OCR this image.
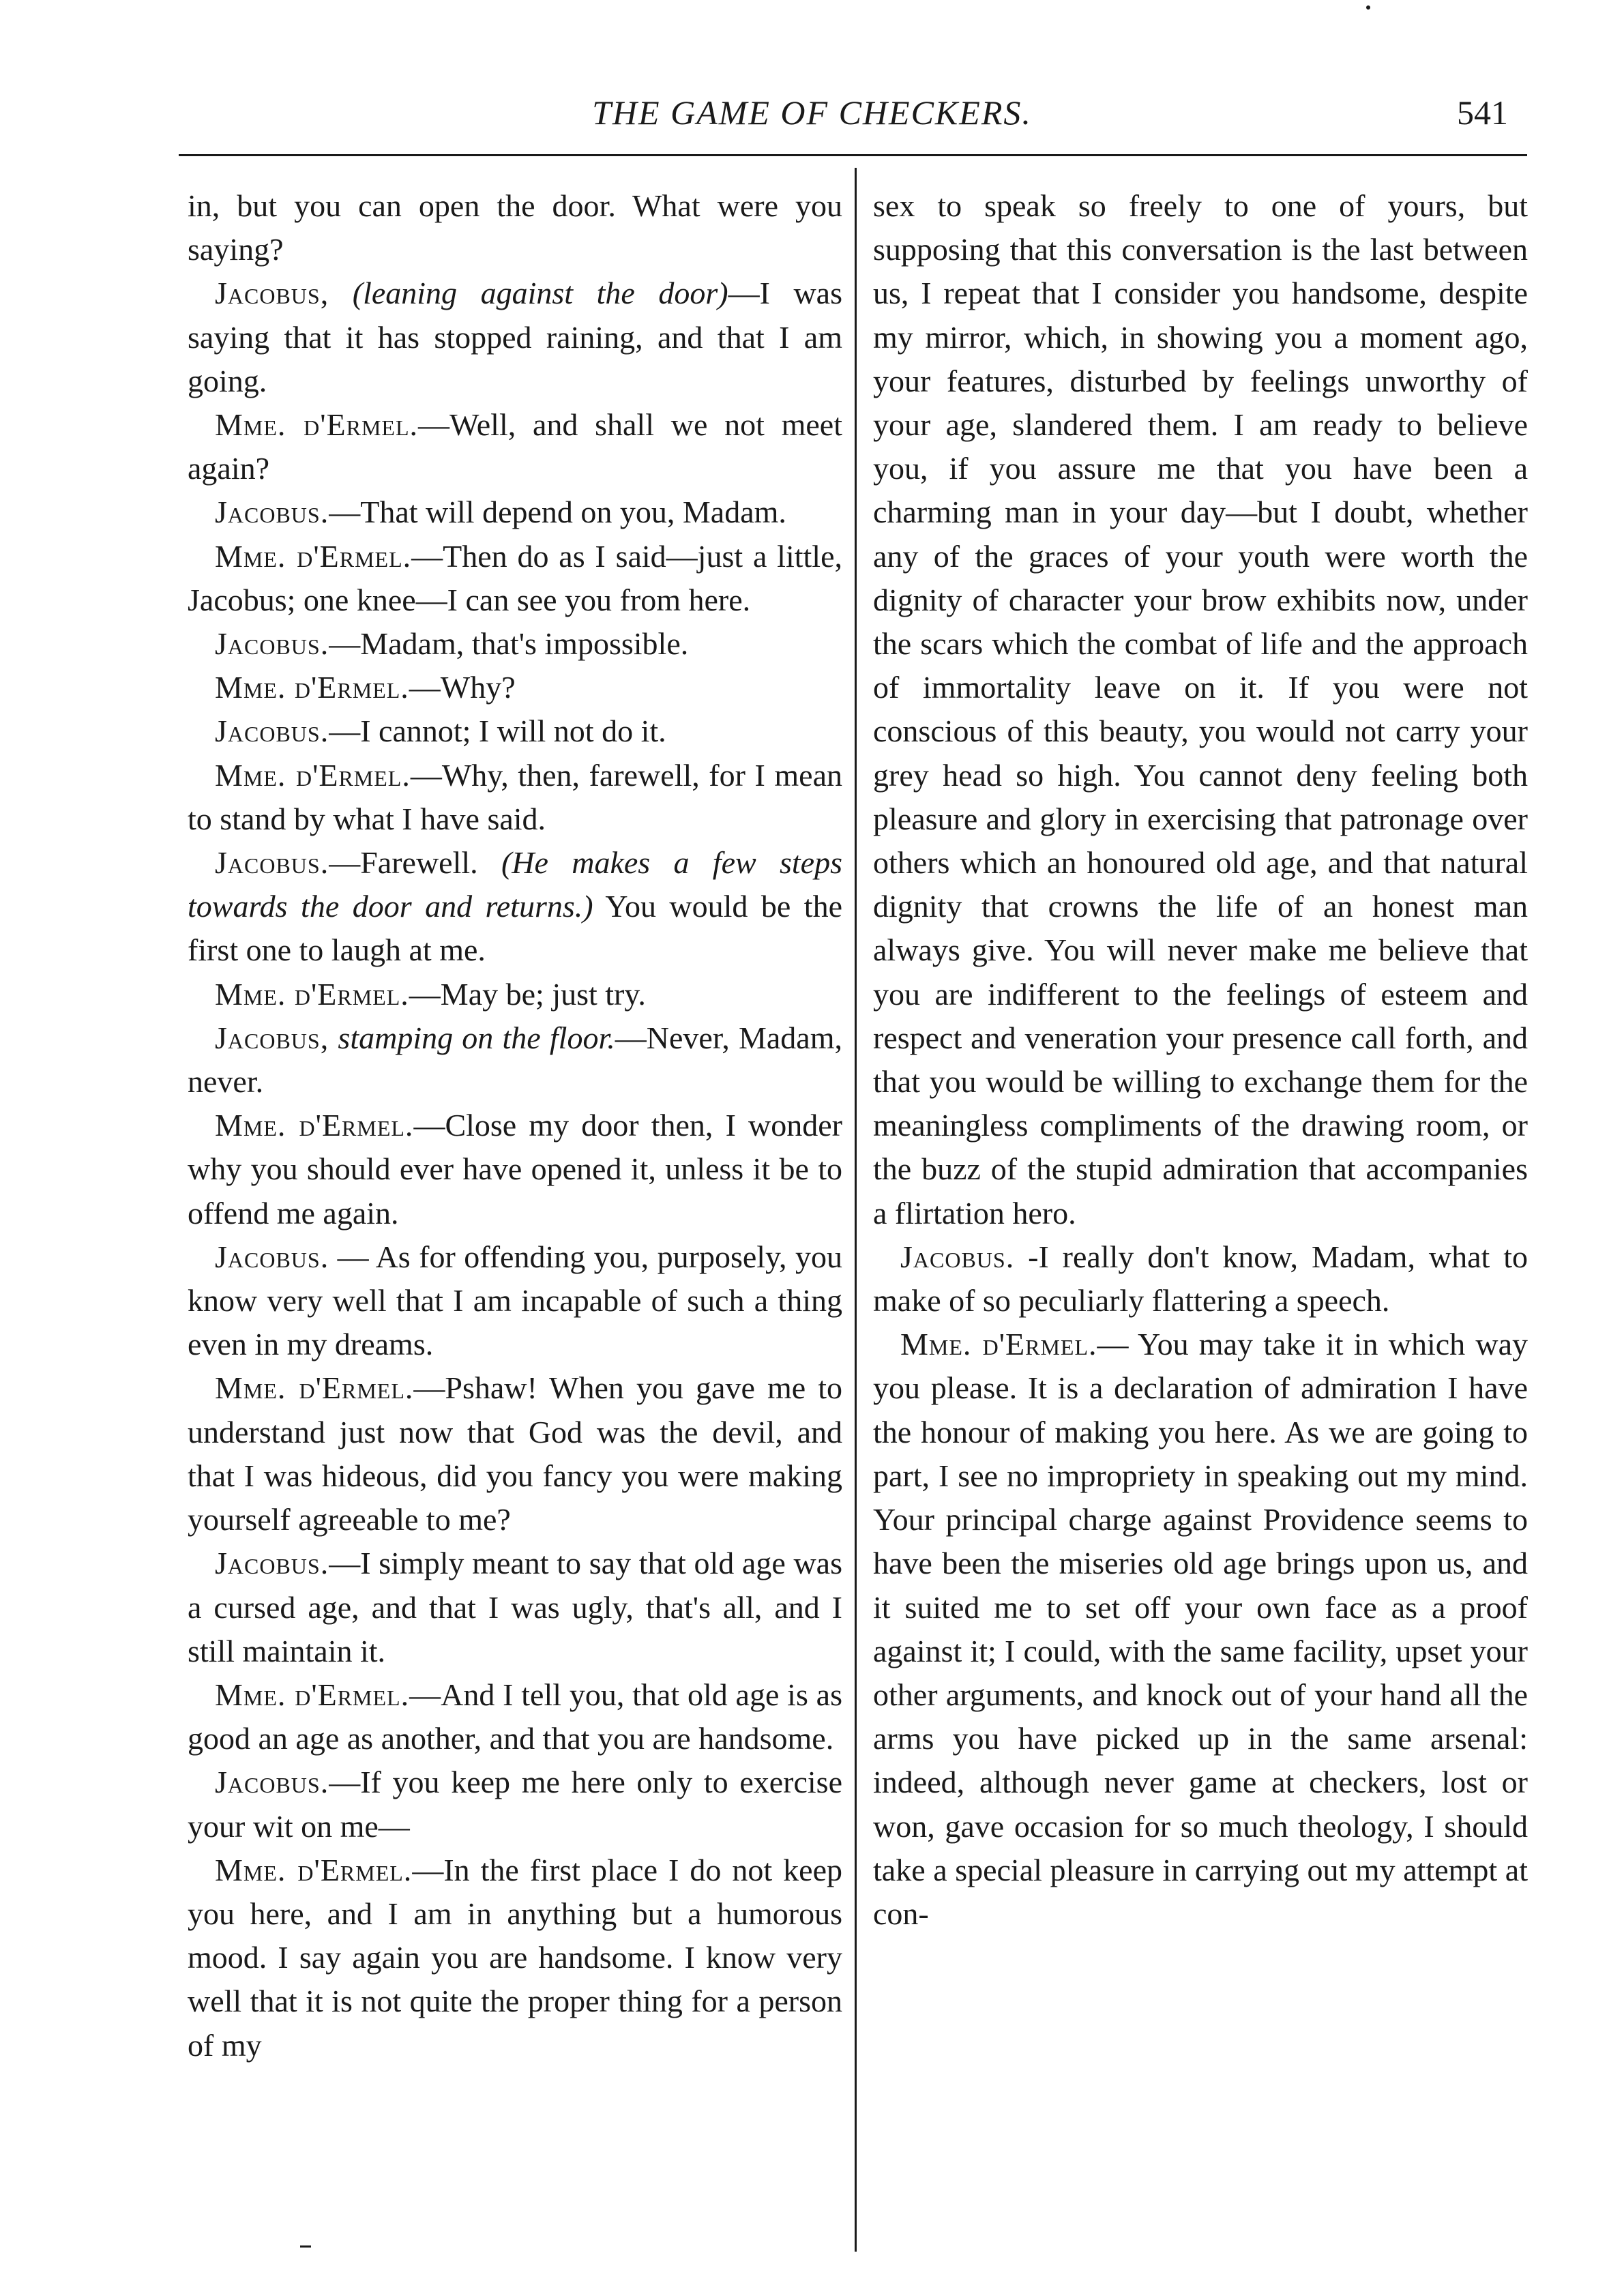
THE GAME OF CHECKERS.	541

in, but you can open the door. What were you saying?

Jacobus, (leaning against the door)—I was saying that it has stopped raining, and that I am going.

Mme. d'Ermel.—Well, and shall we not meet again?

Jacobus.—That will depend on you, Madam.

Mme. d'Ermel.—Then do as I said—just a little, Jacobus; one knee—I can see you from here.

Jacobus.—Madam, that's impossible.

Mme. d'Ermel.—Why?

Jacobus.—I cannot; I will not do it.

Mme. d'Ermel.—Why, then, farewell, for I mean to stand by what I have said.

Jacobus.—Farewell. (He makes a few steps towards the door and returns.) You would be the first one to laugh at me.

Mme. d'Ermel.—May be; just try.

Jacobus, stamping on the floor.—Never, Madam, never.

Mme. d'Ermel.—Close my door then, I wonder why you should ever have opened it, unless it be to offend me again.

Jacobus. — As for offending you, purposely, you know very well that I am incapable of such a thing even in my dreams.

Mme. d'Ermel.—Pshaw! When you gave me to understand just now that God was the devil, and that I was hideous, did you fancy you were making yourself agreeable to me?

Jacobus.—I simply meant to say that old age was a cursed age, and that I was ugly, that's all, and I still maintain it.

Mme. d'Ermel.—And I tell you, that old age is as good an age as another, and that you are handsome.

Jacobus.—If you keep me here only to exercise your wit on me—

Mme. d'Ermel.—In the first place I do not keep you here, and I am in anything but a humorous mood. I say again you are handsome. I know very well that it is not quite the proper thing for a person of my

sex to speak so freely to one of yours, but supposing that this conversation is the last between us, I repeat that I consider you handsome, despite my mirror, which, in showing you a moment ago, your features, disturbed by feelings unworthy of your age, slandered them. I am ready to believe you, if you assure me that you have been a charming man in your day—but I doubt, whether any of the graces of your youth were worth the dignity of character your brow exhibits now, under the scars which the combat of life and the approach of immortality leave on it. If you were not conscious of this beauty, you would not carry your grey head so high. You cannot deny feeling both pleasure and glory in exercising that patronage over others which an honoured old age, and that natural dignity that crowns the life of an honest man always give. You will never make me believe that you are indifferent to the feelings of esteem and respect and veneration your presence call forth, and that you would be willing to exchange them for the meaningless compliments of the drawing room, or the buzz of the stupid admiration that accompanies a flirtation hero.

Jacobus. -I really don't know, Madam, what to make of so peculiarly flattering a speech.

Mme. d'Ermel.— You may take it in which way you please. It is a declaration of admiration I have the honour of making you here. As we are going to part, I see no impropriety in speaking out my mind. Your principal charge against Providence seems to have been the miseries old age brings upon us, and it suited me to set off your own face as a proof against it; I could, with the same facility, upset your other arguments, and knock out of your hand all the arms you have picked up in the same arsenal: indeed, although never game at checkers, lost or won, gave occasion for so much theology, I should take a special pleasure in carrying out my attempt at con-
